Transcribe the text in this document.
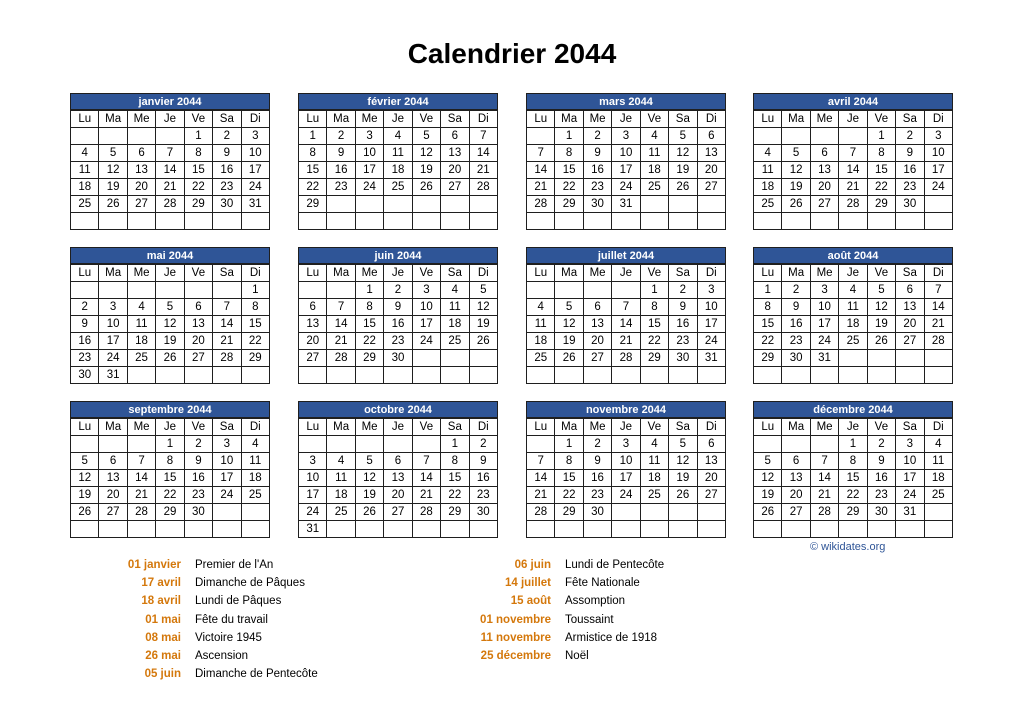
Calendrier 2044
janvier 2044
Lu	Ma	Me	Je	Ve	Sa	Di
				1	2	3
4	5	6	7	8	9	10
11	12	13	14	15	16	17
18	19	20	21	22	23	24
25	26	27	28	29	30	31

février 2044
Lu	Ma	Me	Je	Ve	Sa	Di
1	2	3	4	5	6	7
8	9	10	11	12	13	14
15	16	17	18	19	20	21
22	23	24	25	26	27	28
29						

mars 2044
Lu	Ma	Me	Je	Ve	Sa	Di
	1	2	3	4	5	6
7	8	9	10	11	12	13
14	15	16	17	18	19	20
21	22	23	24	25	26	27
28	29	30	31			

avril 2044
Lu	Ma	Me	Je	Ve	Sa	Di
				1	2	3
4	5	6	7	8	9	10
11	12	13	14	15	16	17
18	19	20	21	22	23	24
25	26	27	28	29	30	

mai 2044
Lu	Ma	Me	Je	Ve	Sa	Di
						1
2	3	4	5	6	7	8
9	10	11	12	13	14	15
16	17	18	19	20	21	22
23	24	25	26	27	28	29
30	31					
juin 2044
Lu	Ma	Me	Je	Ve	Sa	Di
		1	2	3	4	5
6	7	8	9	10	11	12
13	14	15	16	17	18	19
20	21	22	23	24	25	26
27	28	29	30			

juillet 2044
Lu	Ma	Me	Je	Ve	Sa	Di
				1	2	3
4	5	6	7	8	9	10
11	12	13	14	15	16	17
18	19	20	21	22	23	24
25	26	27	28	29	30	31

août 2044
Lu	Ma	Me	Je	Ve	Sa	Di
1	2	3	4	5	6	7
8	9	10	11	12	13	14
15	16	17	18	19	20	21
22	23	24	25	26	27	28
29	30	31				

septembre 2044
Lu	Ma	Me	Je	Ve	Sa	Di
			1	2	3	4
5	6	7	8	9	10	11
12	13	14	15	16	17	18
19	20	21	22	23	24	25
26	27	28	29	30		

octobre 2044
Lu	Ma	Me	Je	Ve	Sa	Di
					1	2
3	4	5	6	7	8	9
10	11	12	13	14	15	16
17	18	19	20	21	22	23
24	25	26	27	28	29	30
31						
novembre 2044
Lu	Ma	Me	Je	Ve	Sa	Di
	1	2	3	4	5	6
7	8	9	10	11	12	13
14	15	16	17	18	19	20
21	22	23	24	25	26	27
28	29	30				

décembre 2044
Lu	Ma	Me	Je	Ve	Sa	Di
			1	2	3	4
5	6	7	8	9	10	11
12	13	14	15	16	17	18
19	20	21	22	23	24	25
26	27	28	29	30	31	

01 janvier Premier de l'An
17 avril Dimanche de Pâques
18 avril Lundi de Pâques
01 mai Fête du travail
08 mai Victoire 1945
26 mai Ascension
05 juin Dimanche de Pentecôte
06 juin Lundi de Pentecôte
14 juillet Fête Nationale
15 août Assomption
01 novembre Toussaint
11 novembre Armistice de 1918
25 décembre Noël
© wikidates.org
